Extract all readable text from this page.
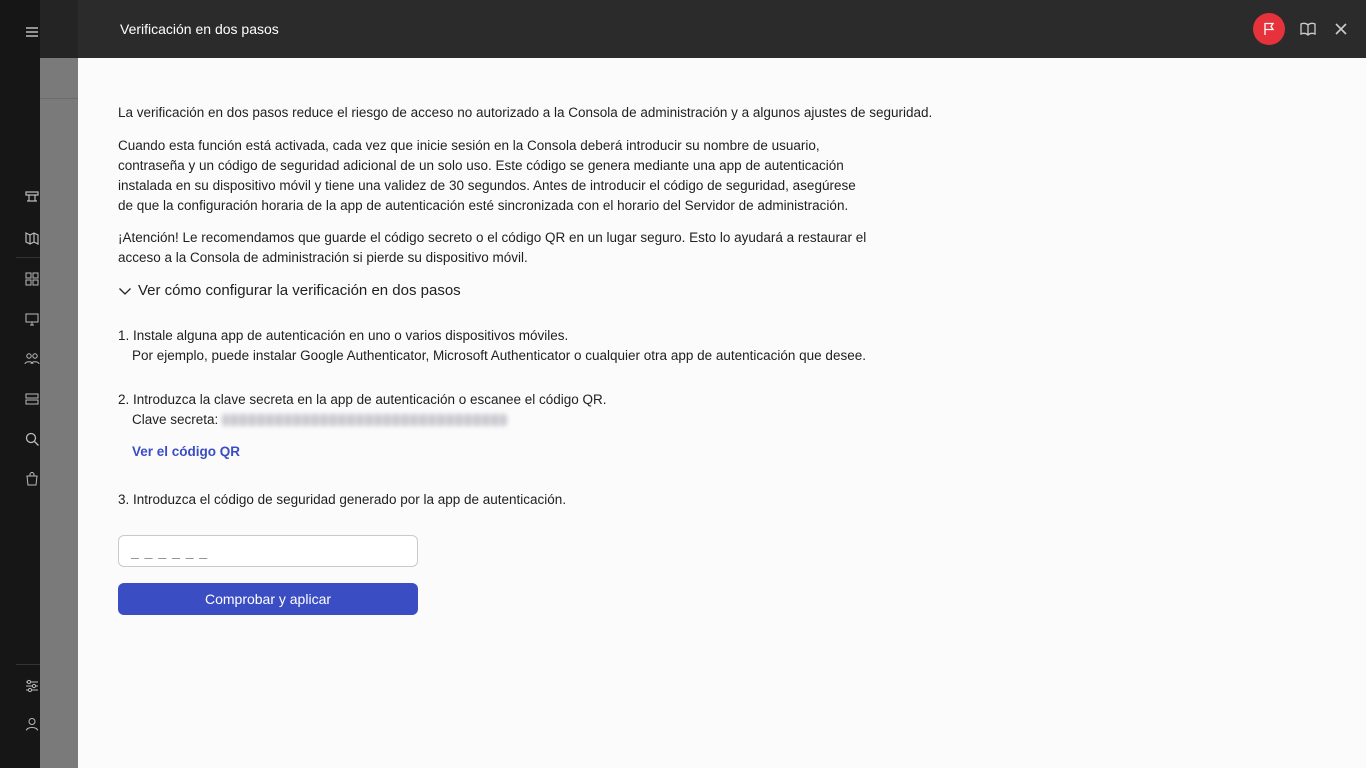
Verificación en dos pasos
La verificación en dos pasos reduce el riesgo de acceso no autorizado a la Consola de administración y a algunos ajustes de seguridad.
Cuando esta función está activada, cada vez que inicie sesión en la Consola deberá introducir su nombre de usuario,
contraseña y un código de seguridad adicional de un solo uso. Este código se genera mediante una app de autenticación
instalada en su dispositivo móvil y tiene una validez de 30 segundos. Antes de introducir el código de seguridad, asegúrese
de que la configuración horaria de la app de autenticación esté sincronizada con el horario del Servidor de administración.
¡Atención! Le recomendamos que guarde el código secreto o el código QR en un lugar seguro. Esto lo ayudará a restaurar el
acceso a la Consola de administración si pierde su dispositivo móvil.
Ver cómo configurar la verificación en dos pasos
1. Instale alguna app de autenticación en uno o varios dispositivos móviles.
Por ejemplo, puede instalar Google Authenticator, Microsoft Authenticator o cualquier otra app de autenticación que desee.
2. Introduzca la clave secreta en la app de autenticación o escanee el código QR.
Clave secreta:
Ver el código QR
3. Introduzca el código de seguridad generado por la app de autenticación.
_ _ _ _ _ _
Comprobar y aplicar
